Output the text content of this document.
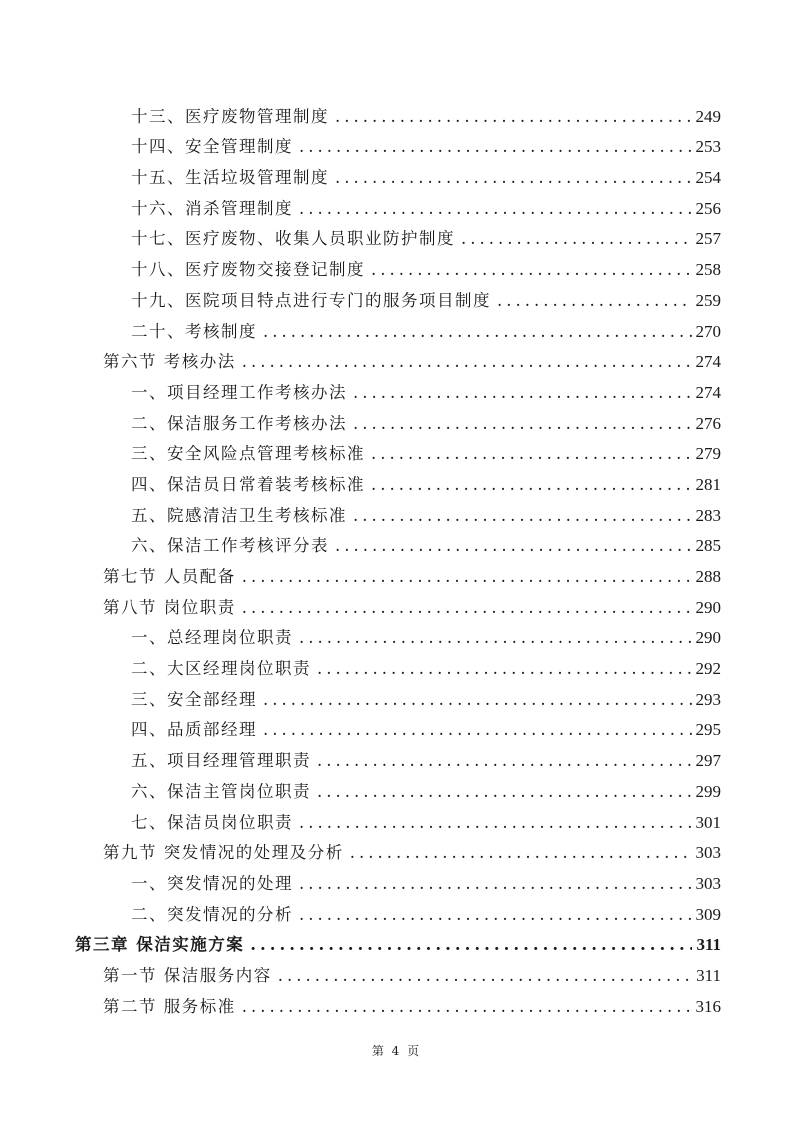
十三、医疗废物管理制度 .....	249
十四、安全管理制度 .....	253
十五、生活垃圾管理制度 .....	254
十六、消杀管理制度 .....	256
十七、医疗废物、收集人员职业防护制度 .....	257
十八、医疗废物交接登记制度 .....	258
十九、医院项目特点进行专门的服务项目制度 .....	259
二十、考核制度 .....	270
第六节 考核办法 .....	274
一、项目经理工作考核办法 .....	274
二、保洁服务工作考核办法 .....	276
三、安全风险点管理考核标准 .....	279
四、保洁员日常着装考核标准 .....	281
五、院感清洁卫生考核标准 .....	283
六、保洁工作考核评分表 .....	285
第七节 人员配备 .....	288
第八节 岗位职责 .....	290
一、总经理岗位职责 .....	290
二、大区经理岗位职责 .....	292
三、安全部经理 .....	293
四、品质部经理 .....	295
五、项目经理管理职责 .....	297
六、保洁主管岗位职责 .....	299
七、保洁员岗位职责 .....	301
第九节 突发情况的处理及分析 .....	303
一、突发情况的处理 .....	303
二、突发情况的分析 .....	309
第三章 保洁实施方案 .....	311
第一节 保洁服务内容 .....	311
第二节 服务标准 .....	316
第 4 页
